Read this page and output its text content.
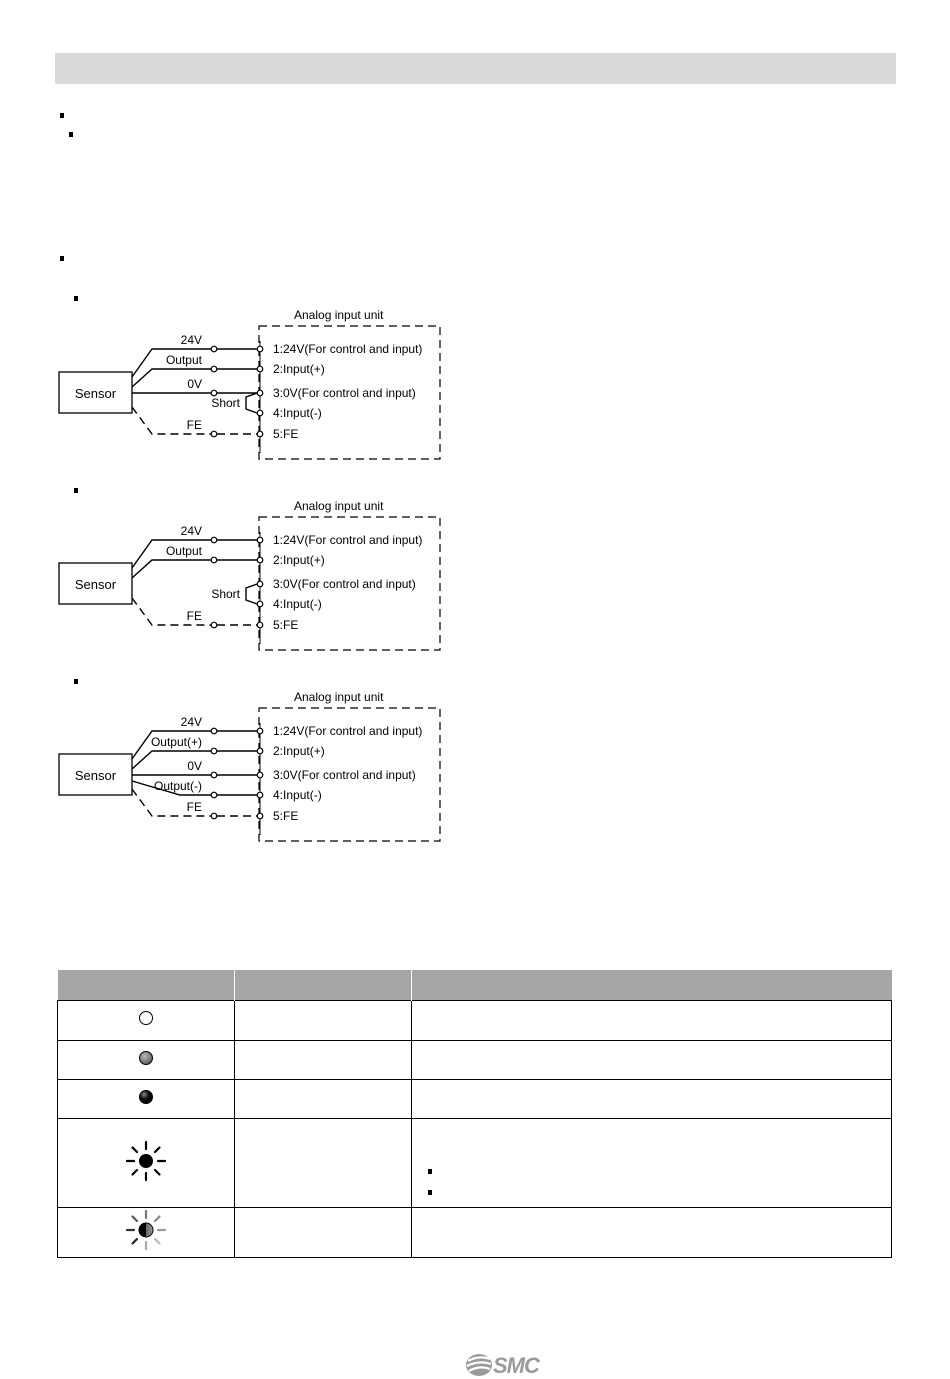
Analog input unit
Sensor
1:24V(For control and input)
2:Input(+)
3:0V(For control and input)
4:Input(-)
5:FE
24V
Output
0V
FE
Short
Analog input unit
Sensor
1:24V(For control and input)
2:Input(+)
3:0V(For control and input)
4:Input(-)
5:FE
24V
Output
FE
Short
Analog input unit
Sensor
1:24V(For control and input)
2:Input(+)
3:0V(For control and input)
4:Input(-)
5:FE
24V
Output(+)
0V
Output(-)
FE

SMC
